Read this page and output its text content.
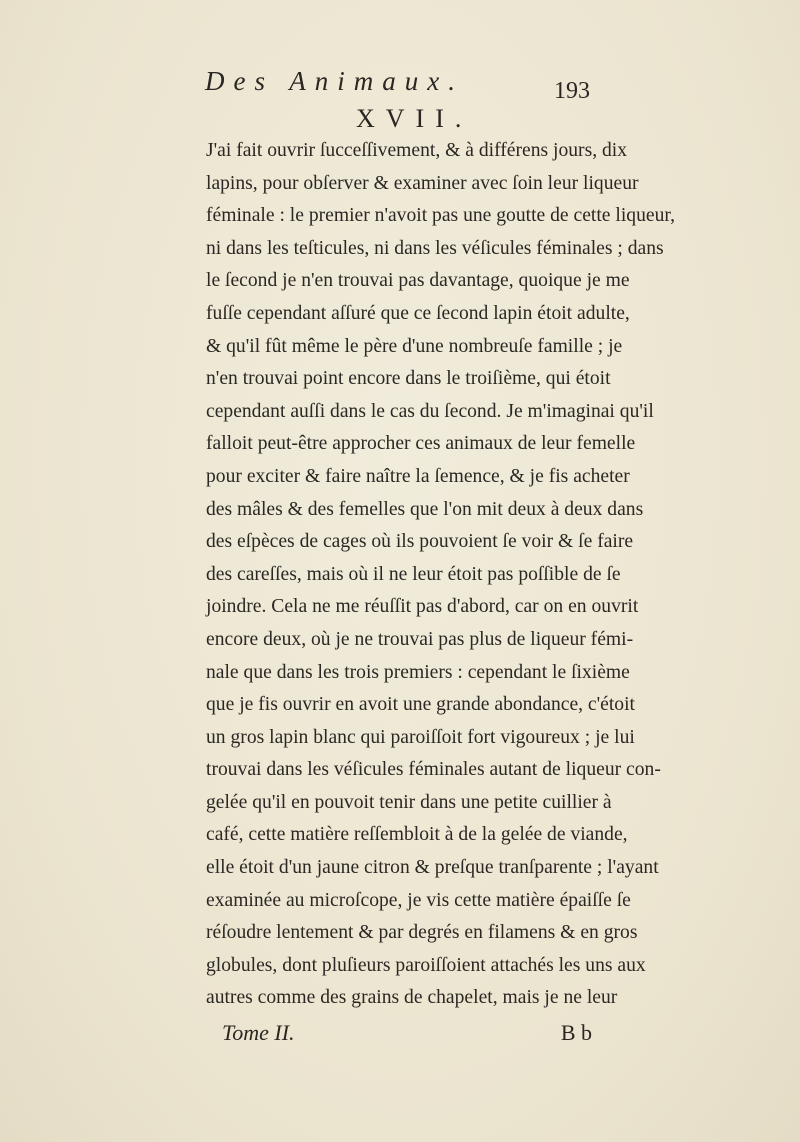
Des Animaux.	193
XVII.
J'ai fait ouvrir ſucceſſivement, & à différens jours, dix
lapins, pour obſerver & examiner avec ſoin leur liqueur
féminale : le premier n'avoit pas une goutte de cette liqueur,
ni dans les teſticules, ni dans les véſicules féminales ; dans
le ſecond je n'en trouvai pas davantage, quoique je me
fuſſe cependant aſſuré que ce ſecond lapin étoit adulte,
& qu'il fût même le père d'une nombreuſe famille ; je
n'en trouvai point encore dans le troiſième, qui étoit
cependant auſſi dans le cas du ſecond. Je m'imaginai qu'il
falloit peut-être approcher ces animaux de leur femelle
pour exciter & faire naître la ſemence, & je fis acheter
des mâles & des femelles que l'on mit deux à deux dans
des eſpèces de cages où ils pouvoient ſe voir & ſe faire
des careſſes, mais où il ne leur étoit pas poſſible de ſe
joindre. Cela ne me réuſſit pas d'abord, car on en ouvrit
encore deux, où je ne trouvai pas plus de liqueur fémi-
nale que dans les trois premiers : cependant le ſixième
que je fis ouvrir en avoit une grande abondance, c'étoit
un gros lapin blanc qui paroiſſoit fort vigoureux ; je lui
trouvai dans les véſicules féminales autant de liqueur con-
gelée qu'il en pouvoit tenir dans une petite cuillier à
café, cette matière reſſembloit à de la gelée de viande,
elle étoit d'un jaune citron & preſque tranſparente ; l'ayant
examinée au microſcope, je vis cette matière épaiſſe ſe
réſoudre lentement & par degrés en filamens & en gros
globules, dont pluſieurs paroiſſoient attachés les uns aux
autres comme des grains de chapelet, mais je ne leur
Tome II.	B b
